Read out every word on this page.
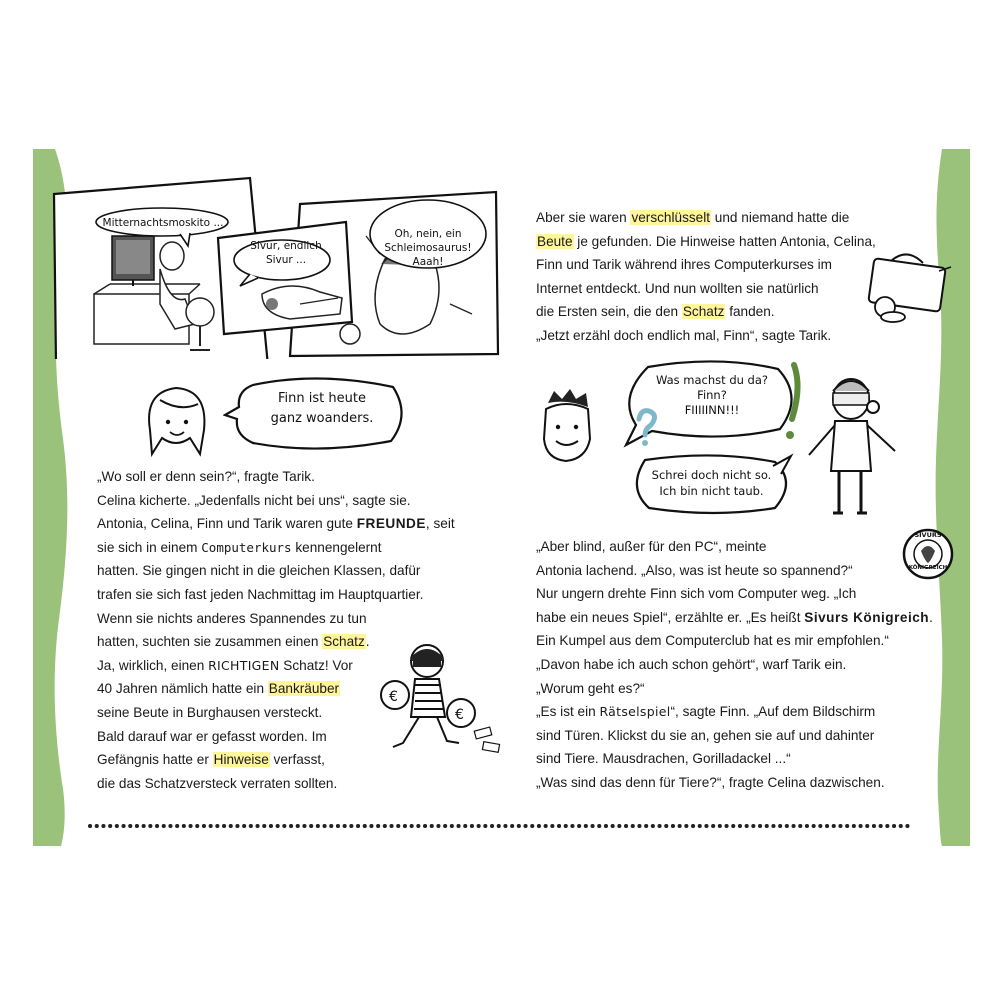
Mitternachtsmoskito ...
Sivur, endlich
Sivur ...
Oh, nein, ein
Schleimosaurus!
Aaah!
Finn ist heute
ganz woanders.
„Wo soll er denn sein?“, fragte Tarik.
Celina kicherte. „Jedenfalls nicht bei uns“, sagte sie.
Antonia, Celina, Finn und Tarik waren gute FREUNDE, seit
sie sich in einem Computerkurs kennengelernt
hatten. Sie gingen nicht in die gleichen Klassen, dafür
trafen sie sich fast jeden Nachmittag im Hauptquartier.
Wenn sie nichts anderes Spannendes zu tun
hatten, suchten sie zusammen einen Schatz.
Ja, wirklich, einen RICHTIGEN Schatz! Vor
40 Jahren nämlich hatte ein Bankräuber
seine Beute in Burghausen versteckt.
Bald darauf war er gefasst worden. Im
Gefängnis hatte er Hinweise verfasst,
die das Schatzversteck verraten sollten.
€
€
Aber sie waren verschlüsselt und niemand hatte die
Beute je gefunden. Die Hinweise hatten Antonia, Celina,
Finn und Tarik während ihres Computerkurses im
Internet entdeckt. Und nun wollten sie natürlich
die Ersten sein, die den Schatz fanden.
„Jetzt erzähl doch endlich mal, Finn“, sagte Tarik.
Was machst du da?
Finn?
FIIIIINN!!!
Schrei doch nicht so.
Ich bin nicht taub.
SIVURS
KÖNIGREICH
„Aber blind, außer für den PC“, meinte
Antonia lachend. „Also, was ist heute so spannend?“
Nur ungern drehte Finn sich vom Computer weg. „Ich
habe ein neues Spiel“, erzählte er. „Es heißt Sivurs Königreich.
Ein Kumpel aus dem Computerclub hat es mir empfohlen.“
„Davon habe ich auch schon gehört“, warf Tarik ein.
„Worum geht es?“
„Es ist ein Rätselspiel“, sagte Finn. „Auf dem Bildschirm
sind Türen. Klickst du sie an, gehen sie auf und dahinter
sind Tiere. Mausdrachen, Gorilladackel ...“
„Was sind das denn für Tiere?“, fragte Celina dazwischen.
